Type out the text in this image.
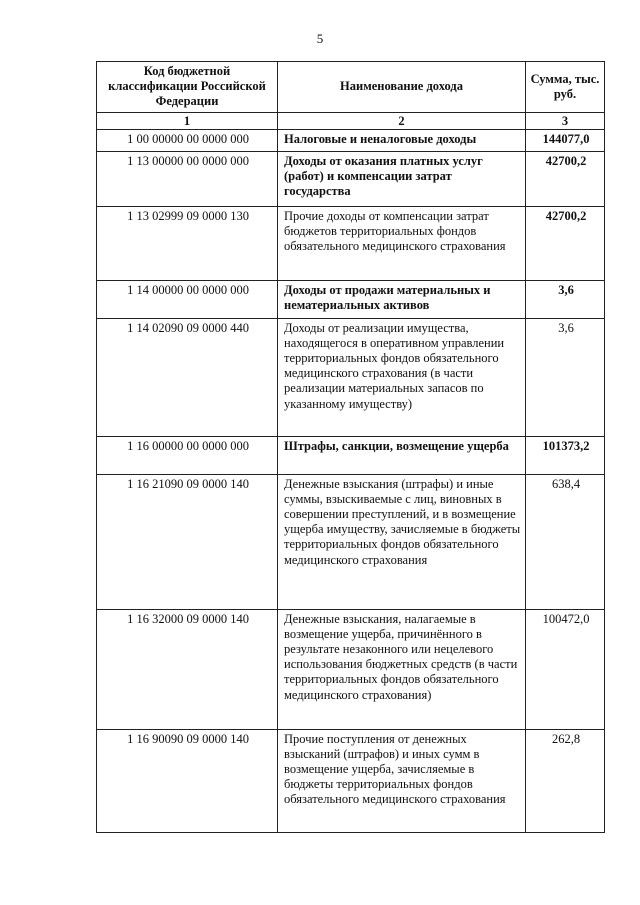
5
Код бюджетной классификации Российской Федерации	Наименование дохода	Сумма, тыс. руб.
1	2	3
1 00 00000 00 0000 000	Налоговые и неналоговые доходы	144077,0
1 13 00000 00 0000 000	Доходы от оказания платных услуг (работ) и компенсации затрат государства	42700,2
1 13 02999 09 0000 130	Прочие доходы от компенсации затрат бюджетов территориальных фондов обязательного медицинского страхования	42700,2
1 14 00000 00 0000 000	Доходы от продажи материальных и нематериальных активов	3,6
1 14 02090 09 0000 440	Доходы от реализации имущества, находящегося в оперативном управлении территориальных фондов обязательного медицинского страхования (в части реализации материальных запасов по указанному имуществу)	3,6
1 16 00000 00 0000 000	Штрафы, санкции, возмещение ущерба	101373,2
1 16 21090 09 0000 140	Денежные взыскания (штрафы) и иные суммы, взыскиваемые с лиц, виновных в совершении преступлений, и в возмещение ущерба имуществу, зачисляемые в бюджеты территориальных фондов обязательного медицинского страхования	638,4
1 16 32000 09 0000 140	Денежные взыскания, налагаемые в возмещение ущерба, причинённого в результате незаконного или нецелевого использования бюджетных средств (в части территориальных фондов обязательного медицинского страхования)	100472,0
1 16 90090 09 0000 140	Прочие поступления от денежных взысканий (штрафов) и иных сумм в возмещение ущерба, зачисляемые в бюджеты территориальных фондов обязательного медицинского страхования	262,8
